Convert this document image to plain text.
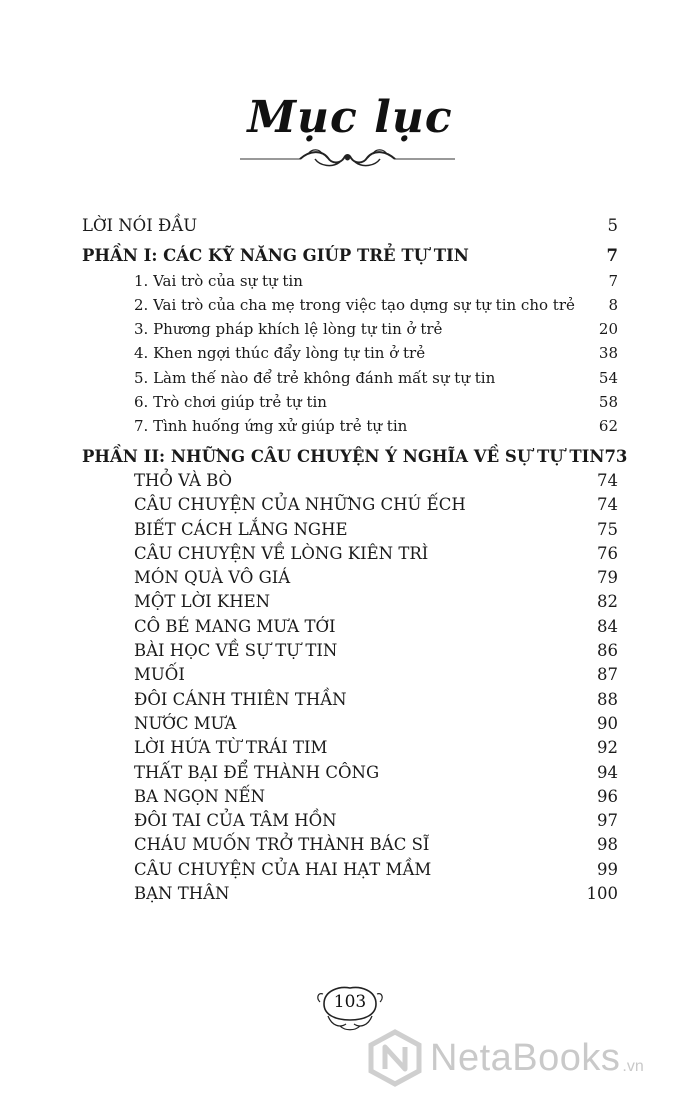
Mục lục
LỜI NÓI ĐẦU	5
PHẦN I: CÁC KỸ NĂNG GIÚP TRẺ TỰ TIN	7
1. Vai trò của sự tự tin	7
2. Vai trò của cha mẹ trong việc tạo dựng sự tự tin cho trẻ 8
3. Phương pháp khích lệ lòng tự tin ở trẻ	20
4. Khen ngợi thúc đẩy lòng tự tin ở trẻ	38
5. Làm thế nào để trẻ không đánh mất sự tự tin	54
6. Trò chơi giúp trẻ tự tin	58
7. Tình huống ứng xử giúp trẻ tự tin	62
PHẦN II: NHỮNG CÂU CHUYỆN Ý NGHĨA VỀ SỰ TỰ TIN 73
THỎ VÀ BÒ	74
CÂU CHUYỆN CỦA NHỮNG CHÚ ẾCH	74
BIẾT CÁCH LẮNG NGHE	75
CÂU CHUYỆN VỀ LÒNG KIÊN TRÌ	76
MÓN QUÀ VÔ GIÁ	79
MỘT LỜI KHEN	82
CÔ BÉ MANG MƯA TỚI	84
BÀI HỌC VỀ SỰ TỰ TIN	86
MUỐI	87
ĐÔI CÁNH THIÊN THẦN	88
NƯỚC MƯA	90
LỜI HỨA TỪ TRÁI TIM	92
THẤT BẠI ĐỂ THÀNH CÔNG	94
BA NGỌN NẾN	96
ĐÔI TAI CỦA TÂM HỒN	97
CHÁU MUỐN TRỞ THÀNH BÁC SĨ	98
CÂU CHUYỆN CỦA HAI HẠT MẦM	99
BẠN THÂN	100
103
NetaBooks .vn
